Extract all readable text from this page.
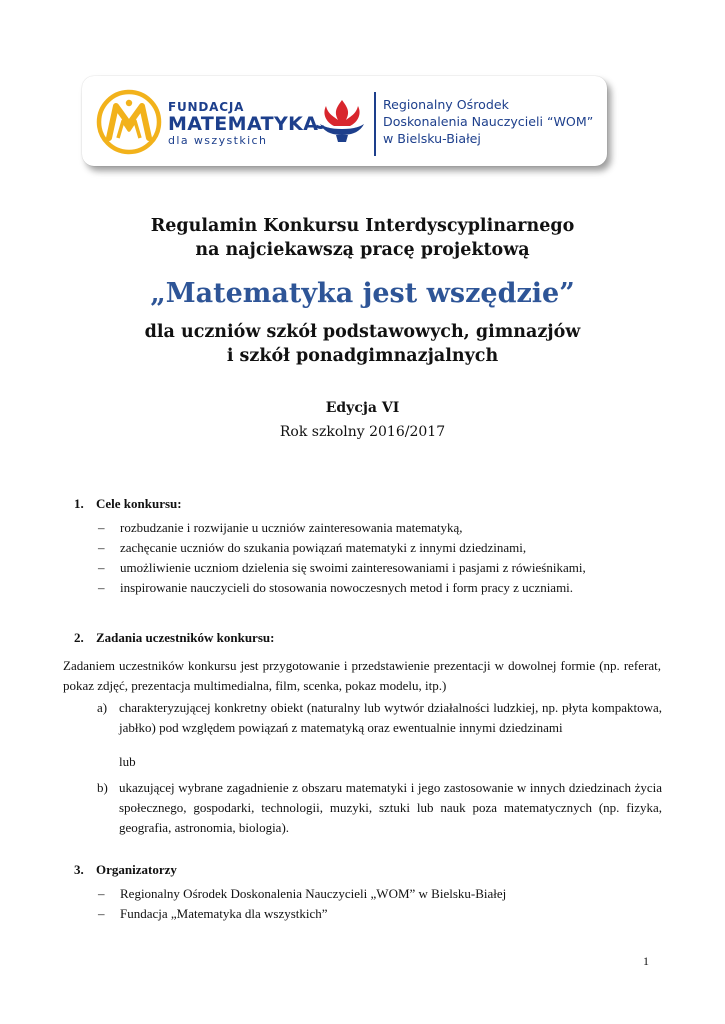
FUNDACJA
MATEMATYKA
dla wszystkich
Regionalny Ośrodek
Doskonalenia Nauczycieli “WOM”
w Bielsku-Białej
Regulamin Konkursu Interdyscyplinarnego
na najciekawszą pracę projektową
„Matematyka jest wszędzie”
dla uczniów szkół podstawowych, gimnazjów
i szkół ponadgimnazjalnych
Edycja VI
Rok szkolny 2016/2017
1. Cele konkursu:
– rozbudzanie i rozwijanie u uczniów zainteresowania matematyką,
– zachęcanie uczniów do szukania powiązań matematyki z innymi dziedzinami,
– umożliwienie uczniom dzielenia się swoimi zainteresowaniami i pasjami z rówieśnikami,
– inspirowanie nauczycieli do stosowania nowoczesnych metod i form pracy z uczniami.
2. Zadania uczestników konkursu:
Zadaniem uczestników konkursu jest przygotowanie i przedstawienie prezentacji w dowolnej formie (np. referat, pokaz zdjęć, prezentacja multimedialna, film, scenka, pokaz modelu, itp.)
a) charakteryzującej konkretny obiekt (naturalny lub wytwór działalności ludzkiej, np. płyta kompaktowa, jabłko) pod względem powiązań z matematyką oraz ewentualnie innymi dziedzinami
lub
b) ukazującej wybrane zagadnienie z obszaru matematyki i jego zastosowanie w innych dziedzinach życia społecznego, gospodarki, technologii, muzyki, sztuki lub nauk poza matematycznych (np. fizyka, geografia, astronomia, biologia).
3. Organizatorzy
– Regionalny Ośrodek Doskonalenia Nauczycieli „WOM” w Bielsku-Białej
– Fundacja „Matematyka dla wszystkich”
1
